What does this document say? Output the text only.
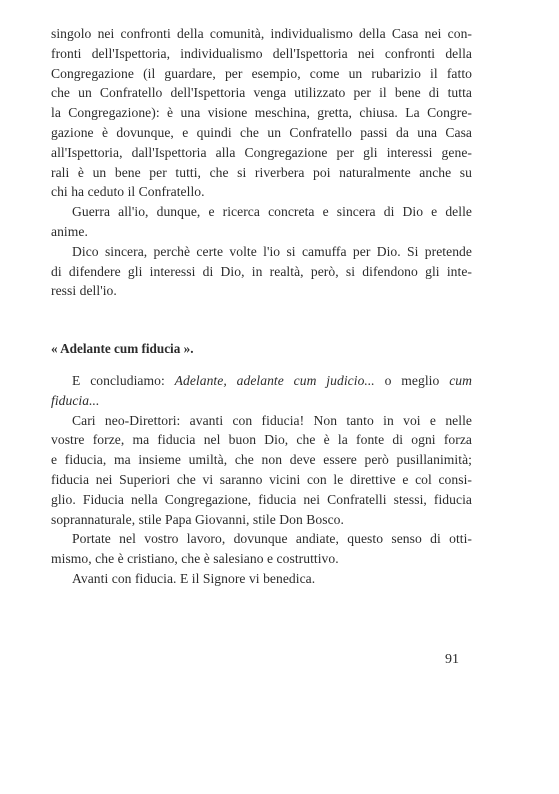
singolo nei confronti della comunità, individualismo della Casa nei con-
fronti dell'Ispettoria, individualismo dell'Ispettoria nei confronti della
Congregazione (il guardare, per esempio, come un rubarizio il fatto
che un Confratello dell'Ispettoria venga utilizzato per il bene di tutta
la Congregazione): è una visione meschina, gretta, chiusa. La Congre-
gazione è dovunque, e quindi che un Confratello passi da una Casa
all'Ispettoria, dall'Ispettoria alla Congregazione per gli interessi gene-
rali è un bene per tutti, che si riverbera poi naturalmente anche su
chi ha ceduto il Confratello.
Guerra all'io, dunque, e ricerca concreta e sincera di Dio e delle
anime.
Dico sincera, perchè certe volte l'io si camuffa per Dio. Si pretende
di difendere gli interessi di Dio, in realtà, però, si difendono gli inte-
ressi dell'io.
« Adelante cum fiducia ».
E concludiamo: Adelante, adelante cum judicio... o meglio cum
fiducia...
Cari neo-Direttori: avanti con fiducia! Non tanto in voi e nelle
vostre forze, ma fiducia nel buon Dio, che è la fonte di ogni forza
e fiducia, ma insieme umiltà, che non deve essere però pusillanimità;
fiducia nei Superiori che vi saranno vicini con le direttive e col consi-
glio. Fiducia nella Congregazione, fiducia nei Confratelli stessi, fiducia
soprannaturale, stile Papa Giovanni, stile Don Bosco.
Portate nel vostro lavoro, dovunque andiate, questo senso di otti-
mismo, che è cristiano, che è salesiano e costruttivo.
Avanti con fiducia. E il Signore vi benedica.
91
